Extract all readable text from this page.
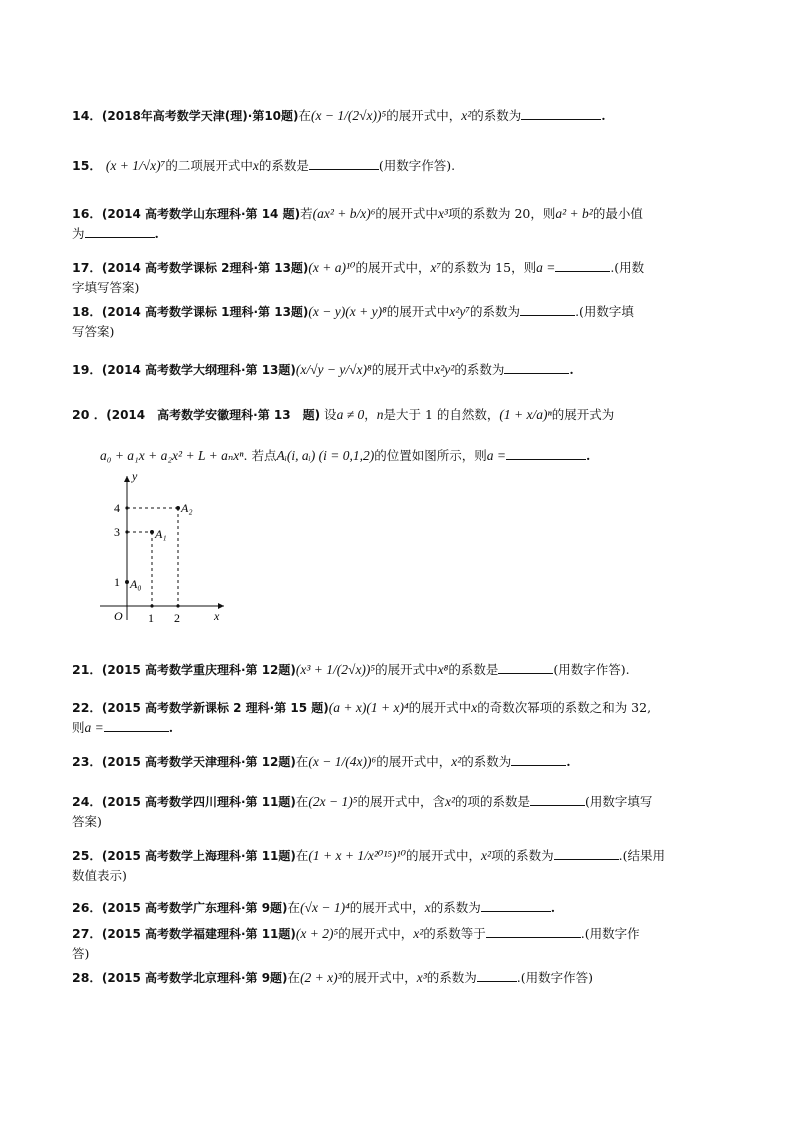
14．(2018年高考数学天津(理)·第10题)在(x − 1/(2√x))⁵的展开式中，x²的系数为	.
15． (x + 1/√x)⁷的二项展开式中x的系数是	(用数字作答).
16．(2014 高考数学山东理科·第 14 题)若(ax² + b/x)⁶的展开式中x³项的系数为 20，则a² + b²的最小值
为	.
17．(2014 高考数学课标 2理科·第 13题)(x + a)¹⁰的展开式中，x⁷的系数为 15，则a =	.(用数
字填写答案)
18．(2014 高考数学课标 1理科·第 13题)(x − y)(x + y)⁸的展开式中x²y⁷的系数为	.(用数字填
写答案)
19．(2014 高考数学大纲理科·第 13题)(x/√y − y/√x)⁸的展开式中x²y²的系数为	.
20 ．(2014　高考数学安徽理科·第 13　题) 设a ≠ 0，n是大于 1 的自然数，(1 + x/a)ⁿ的展开式为
a₀ + a₁x + a₂x² + L + aₙxⁿ. 若点Aᵢ(i, aᵢ) (i = 0,1,2)的位置如图所示，则a =	.
y
x
O
1
3
4
1 2
A₀
A₁
A₂
21．(2015 高考数学重庆理科·第 12题)(x³ + 1/(2√x))⁵的展开式中x⁸的系数是	(用数字作答).
22．(2015 高考数学新课标 2 理科·第 15 题)(a + x)(1 + x)⁴的展开式中x的奇数次幂项的系数之和为 32,
则a =	.
23．(2015 高考数学天津理科·第 12题)在(x − 1/(4x))⁶的展开式中，x²的系数为	.
24．(2015 高考数学四川理科·第 11题)在(2x − 1)⁵的展开式中，含x²的项的系数是	(用数字填写
答案)
25．(2015 高考数学上海理科·第 11题)在(1 + x + 1/x²⁰¹⁵)¹⁰的展开式中，x²项的系数为	.(结果用
数值表示)
26．(2015 高考数学广东理科·第 9题)在(√x − 1)⁴的展开式中，x的系数为	.
27．(2015 高考数学福建理科·第 11题)(x + 2)⁵的展开式中，x²的系数等于	.(用数字作
答)
28．(2015 高考数学北京理科·第 9题)在(2 + x)³的展开式中，x³的系数为	.(用数字作答)
